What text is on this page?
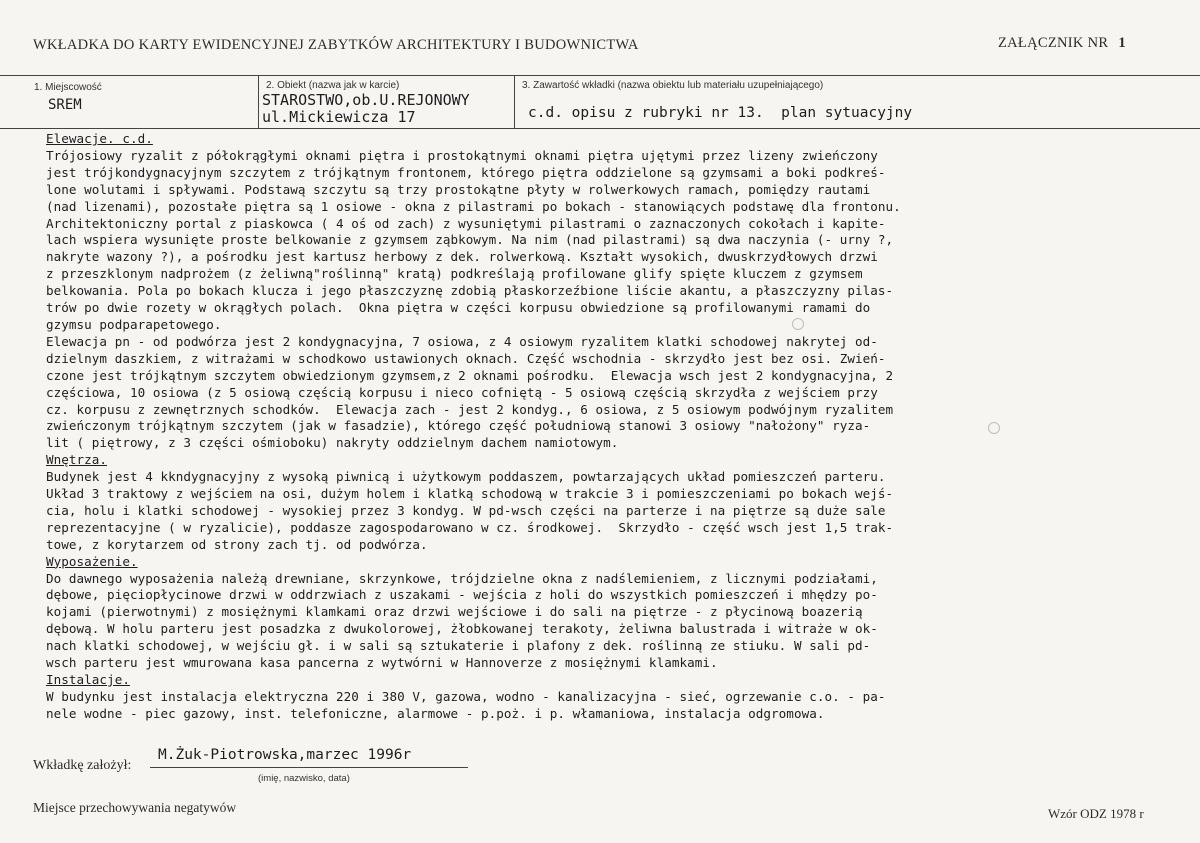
WKŁADKA DO KARTY EWIDENCYJNEJ ZABYTKÓW ARCHITEKTURY I BUDOWNICTWA	ZAŁĄCZNIK NR 1
1. Miejscowość
SREM
2. Obiekt (nazwa jak w karcie)
STAROSTWO,ob.U.REJONOWY
ul.Mickiewicza 17
3. Zawartość wkładki (nazwa obiektu lub materiału uzupełniającego)
c.d. opisu z rubryki nr 13.  plan sytuacyjny
Elewacje. c.d.
Trójosiowy ryzalit z półokrągłymi oknami piętra i prostokątnymi oknami piętra ujętymi przez lizeny zwieńczony
jest trójkondygnacyjnym szczytem z trójkątnym frontonem, którego piętra oddzielone są gzymsami a boki podkreś-
lone wolutami i spływami. Podstawą szczytu są trzy prostokątne płyty w rolwerkowych ramach, pomiędzy rautami
(nad lizenami), pozostałe piętra są 1 osiowe - okna z pilastrami po bokach - stanowiących podstawę dla frontonu.
Architektoniczny portal z piaskowca ( 4 oś od zach) z wysuniętymi pilastrami o zaznaczonych cokołach i kapite-
lach wspiera wysunięte proste belkowanie z gzymsem ząbkowym. Na nim (nad pilastrami) są dwa naczynia (- urny ?,
nakryte wazony ?), a pośrodku jest kartusz herbowy z dek. rolwerkową. Kształt wysokich, dwuskrzydłowych drzwi
z przeszklonym nadprożem (z żeliwną"roślinną" kratą) podkreślają profilowane glify spięte kluczem z gzymsem
belkowania. Pola po bokach klucza i jego płaszczyznę zdobią płaskorzeźbione liście akantu, a płaszczyzny pilas-
trów po dwie rozety w okrągłych polach.  Okna piętra w części korpusu obwiedzione są profilowanymi ramami do
gzymsu podparapetowego.
Elewacja pn - od podwórza jest 2 kondygnacyjna, 7 osiowa, z 4 osiowym ryzalitem klatki schodowej nakrytej od-
dzielnym daszkiem, z witrażami w schodkowo ustawionych oknach. Część wschodnia - skrzydło jest bez osi. Zwień-
czone jest trójkątnym szczytem obwiedzionym gzymsem,z 2 oknami pośrodku.  Elewacja wsch jest 2 kondygnacyjna, 2
częściowa, 10 osiowa (z 5 osiową częścią korpusu i nieco cofniętą - 5 osiową częścią skrzydła z wejściem przy
cz. korpusu z zewnętrznych schodków.  Elewacja zach - jest 2 kondyg., 6 osiowa, z 5 osiowym podwójnym ryzalitem
zwieńczonym trójkątnym szczytem (jak w fasadzie), którego część południową stanowi 3 osiowy "nałożony" ryza-
lit ( piętrowy, z 3 części ośmioboku) nakryty oddzielnym dachem namiotowym.
Wnętrza.
Budynek jest 4 kkndygnacyjny z wysoką piwnicą i użytkowym poddaszem, powtarzających układ pomieszczeń parteru.
Układ 3 traktowy z wejściem na osi, dużym holem i klatką schodową w trakcie 3 i pomieszczeniami po bokach wejś-
cia, holu i klatki schodowej - wysokiej przez 3 kondyg. W pd-wsch części na parterze i na piętrze są duże sale
reprezentacyjne ( w ryzalicie), poddasze zagospodarowano w cz. środkowej.  Skrzydło - część wsch jest 1,5 trak-
towe, z korytarzem od strony zach tj. od podwórza.
Wyposażenie.
Do dawnego wyposażenia należą drewniane, skrzynkowe, trójdzielne okna z nadślemieniem, z licznymi podziałami,
dębowe, pięciopłycinowe drzwi w oddrzwiach z uszakami - wejścia z holi do wszystkich pomieszczeń i mhędzy po-
kojami (pierwotnymi) z mosiężnymi klamkami oraz drzwi wejściowe i do sali na piętrze - z płycinową boazerią
dębową. W holu parteru jest posadzka z dwukolorowej, żłobkowanej terakoty, żeliwna balustrada i witraże w ok-
nach klatki schodowej, w wejściu gł. i w sali są sztukaterie i plafony z dek. roślinną ze stiuku. W sali pd-
wsch parteru jest wmurowana kasa pancerna z wytwórni w Hannoverze z mosiężnymi klamkami.
Instalacje.
W budynku jest instalacja elektryczna 220 i 380 V, gazowa, wodno - kanalizacyjna - sieć, ogrzewanie c.o. - pa-
nele wodne - piec gazowy, inst. telefoniczne, alarmowe - p.poż. i p. włamaniowa, instalacja odgromowa.
Wkładkę założył:
M.Żuk-Piotrowska,marzec 1996r
(imię, nazwisko, data)
Miejsce przechowywania negatywów	Wzór ODZ 1978 r
